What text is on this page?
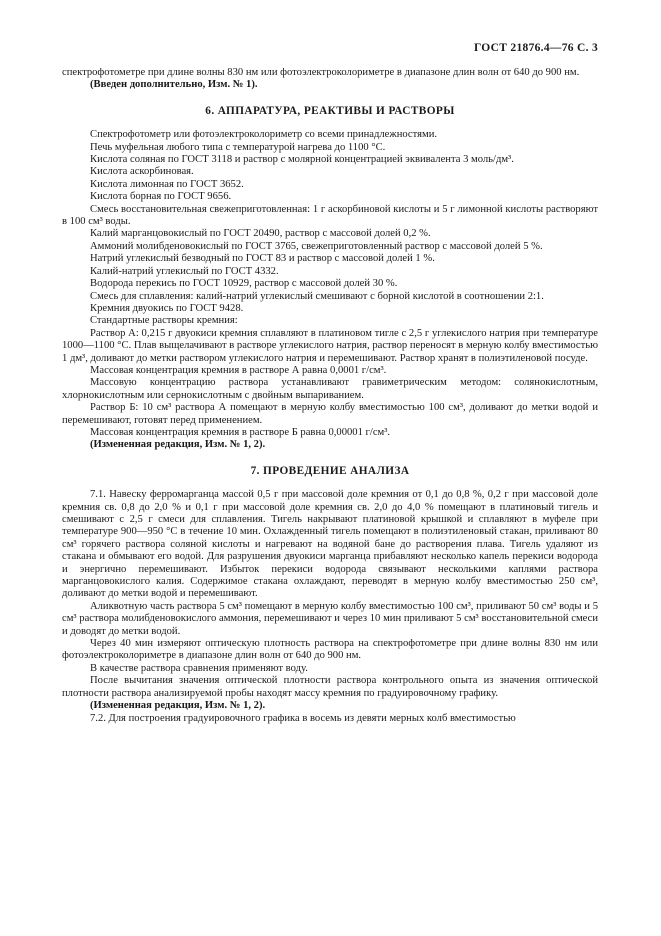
ГОСТ 21876.4—76 С. 3

спектрофотометре при длине волны 830 нм или фотоэлектроколориметре в диапазоне длин волн от 640 до 900 нм.

(Введен дополнительно, Изм. № 1).

6. АППАРАТУРА, РЕАКТИВЫ И РАСТВОРЫ

Спектрофотометр или фотоэлектроколориметр со всеми принадлежностями.

Печь муфельная любого типа с температурой нагрева до 1100 °С.

Кислота соляная по ГОСТ 3118 и раствор с молярной концентрацией эквивалента 3 моль/дм³.

Кислота аскорбиновая.

Кислота лимонная по ГОСТ 3652.

Кислота борная по ГОСТ 9656.

Смесь восстановительная свежеприготовленная: 1 г аскорбиновой кислоты и 5 г лимонной кислоты растворяют в 100 см³ воды.

Калий марганцовокислый по ГОСТ 20490, раствор с массовой долей 0,2 %.

Аммоний молибденовокислый по ГОСТ 3765, свежеприготовленный раствор с массовой долей 5 %.

Натрий углекислый безводный по ГОСТ 83 и раствор с массовой долей 1 %.

Калий-натрий углекислый по ГОСТ 4332.

Водорода перекись по ГОСТ 10929, раствор с массовой долей 30 %.

Смесь для сплавления: калий-натрий углекислый смешивают с борной кислотой в соотношении 2:1.

Кремния двуокись по ГОСТ 9428.

Стандартные растворы кремния:

Раствор А: 0,215 г двуокиси кремния сплавляют в платиновом тигле с 2,5 г углекислого натрия при температуре 1000—1100 °С. Плав выщелачивают в растворе углекислого натрия, раствор переносят в мерную колбу вместимостью 1 дм³, доливают до метки раствором углекислого натрия и перемешивают. Раствор хранят в полиэтиленовой посуде.

Массовая концентрация кремния в растворе А равна 0,0001 г/см³.

Массовую концентрацию раствора устанавливают гравиметрическим методом: солянокислотным, хлорнокислотным или сернокислотным с двойным выпариванием.

Раствор Б: 10 см³ раствора А помещают в мерную колбу вместимостью 100 см³, доливают до метки водой и перемешивают, готовят перед применением.

Массовая концентрация кремния в растворе Б равна 0,00001 г/см³.

(Измененная редакция, Изм. № 1, 2).

7. ПРОВЕДЕНИЕ АНАЛИЗА

7.1. Навеску ферромарганца массой 0,5 г при массовой доле кремния от 0,1 до 0,8 %, 0,2 г при массовой доле кремния св. 0,8 до 2,0 % и 0,1 г при массовой доле кремния св. 2,0 до 4,0 % помещают в платиновый тигель и смешивают с 2,5 г смеси для сплавления. Тигель накрывают платиновой крышкой и сплавляют в муфеле при температуре 900—950 °С в течение 10 мин. Охлажденный тигель помещают в полиэтиленовый стакан, приливают 80 см³ горячего раствора соляной кислоты и нагревают на водяной бане до растворения плава. Тигель удаляют из стакана и обмывают его водой. Для разрушения двуокиси марганца прибавляют несколько капель перекиси водорода и энергично перемешивают. Избыток перекиси водорода связывают несколькими каплями раствора марганцовокислого калия. Содержимое стакана охлаждают, переводят в мерную колбу вместимостью 250 см³, доливают до метки водой и перемешивают.

Аликвотную часть раствора 5 см³ помещают в мерную колбу вместимостью 100 см³, приливают 50 см³ воды и 5 см³ раствора молибденовокислого аммония, перемешивают и через 10 мин приливают 5 см³ восстановительной смеси и доводят до метки водой.

Через 40 мин измеряют оптическую плотность раствора на спектрофотометре при длине волны 830 нм или фотоэлектроколориметре в диапазоне длин волн от 640 до 900 нм.

В качестве раствора сравнения применяют воду.

После вычитания значения оптической плотности раствора контрольного опыта из значения оптической плотности раствора анализируемой пробы находят массу кремния по градуировочному графику.

(Измененная редакция, Изм. № 1, 2).

7.2. Для построения градуировочного графика в восемь из девяти мерных колб вместимостью
